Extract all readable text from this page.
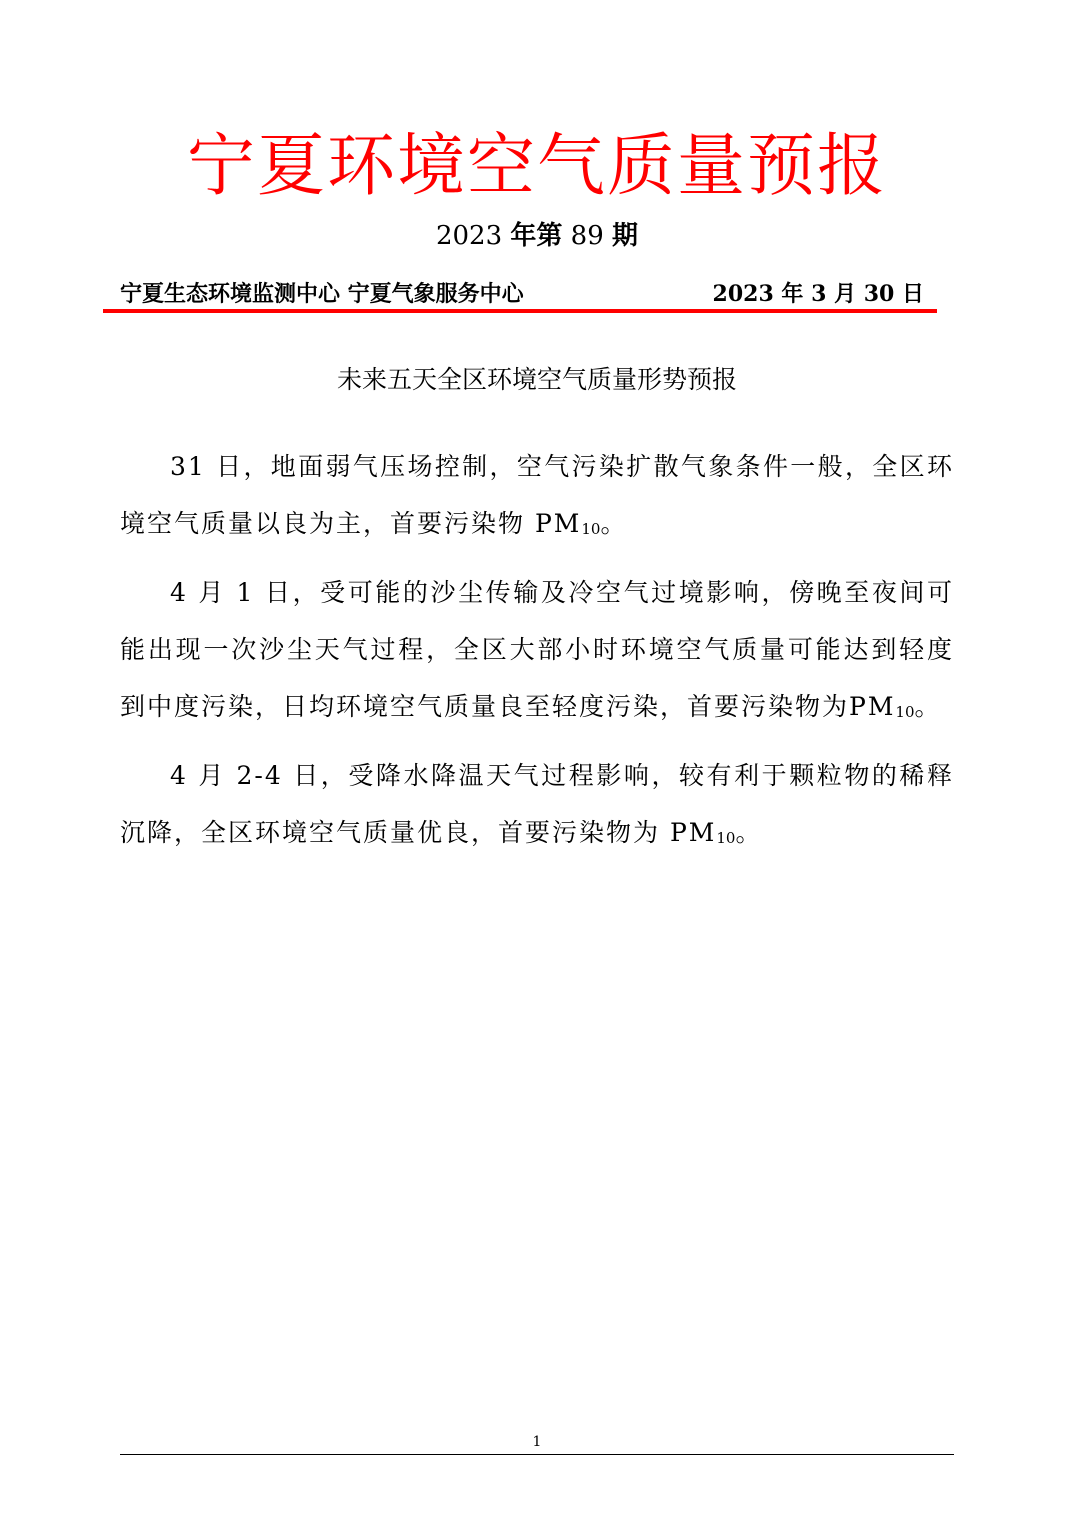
宁夏环境空气质量预报
2023 年第 89 期
宁夏生态环境监测中心 宁夏气象服务中心	2023 年 3 月 30 日
未来五天全区环境空气质量形势预报

31 日，地面弱气压场控制，空气污染扩散气象条件一般，全区环境空气质量以良为主，首要污染物 PM10。

4 月 1 日，受可能的沙尘传输及冷空气过境影响，傍晚至夜间可能出现一次沙尘天气过程，全区大部小时环境空气质量可能达到轻度到中度污染，日均环境空气质量良至轻度污染，首要污染物为PM10。

4 月 2-4 日，受降水降温天气过程影响，较有利于颗粒物的稀释沉降，全区环境空气质量优良，首要污染物为 PM10。

1
